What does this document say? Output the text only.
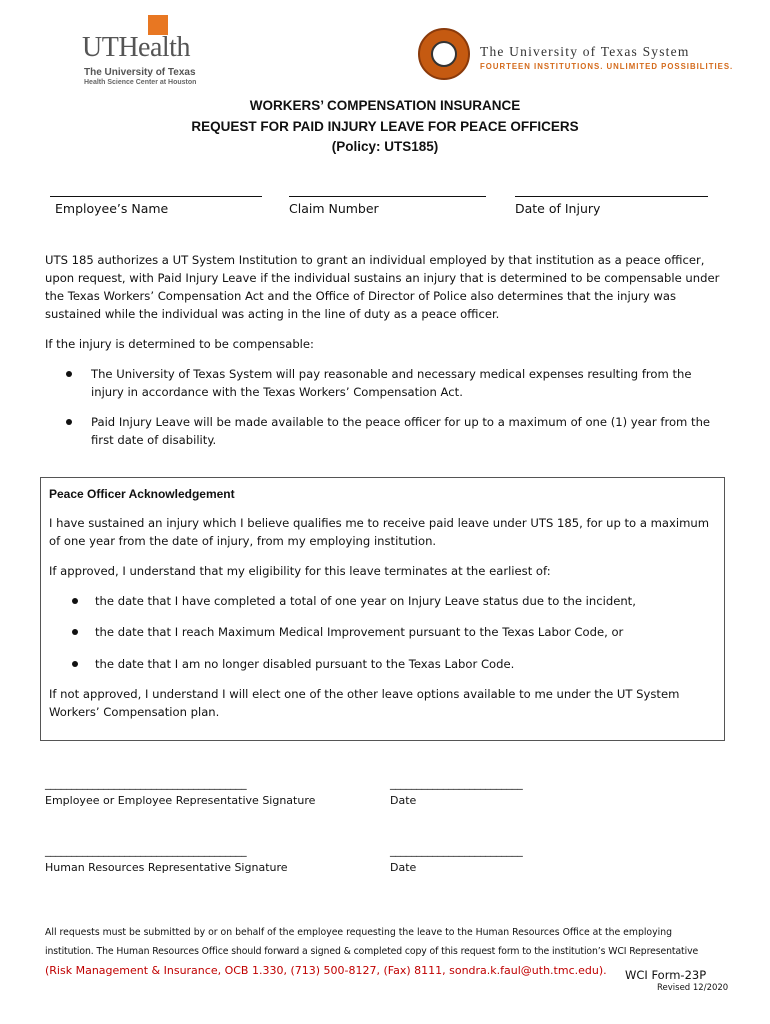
UTHealth
The University of Texas
Health Science Center at Houston
The University of Texas System
FOURTEEN INSTITUTIONS. UNLIMITED POSSIBILITIES.
WORKERS’ COMPENSATION INSURANCE
REQUEST FOR PAID INJURY LEAVE FOR PEACE OFFICERS
(Policy: UTS185)
Employee’s Name	Claim Number	Date of Injury
UTS 185 authorizes a UT System Institution to grant an individual employed by that institution as a peace officer, upon request, with Paid Injury Leave if the individual sustains an injury that is determined to be compensable under the Texas Workers’ Compensation Act and the Office of Director of Police also determines that the injury was sustained while the individual was acting in the line of duty as a peace officer.
If the injury is determined to be compensable:
The University of Texas System will pay reasonable and necessary medical expenses resulting from the injury in accordance with the Texas Workers’ Compensation Act.
Paid Injury Leave will be made available to the peace officer for up to a maximum of one (1) year from the first date of disability.
Peace Officer Acknowledgement
I have sustained an injury which I believe qualifies me to receive paid leave under UTS 185, for up to a maximum of one year from the date of injury, from my employing institution.
If approved, I understand that my eligibility for this leave terminates at the earliest of:
the date that I have completed a total of one year on Injury Leave status due to the incident,
the date that I reach Maximum Medical Improvement pursuant to the Texas Labor Code, or
the date that I am no longer disabled pursuant to the Texas Labor Code.
If not approved, I understand I will elect one of the other leave options available to me under the UT System Workers’ Compensation plan.
______________________________________	_________________________
Employee or Employee Representative Signature	Date
______________________________________	_________________________
Human Resources Representative Signature	Date
All requests must be submitted by or on behalf of the employee requesting the leave to the Human Resources Office at the employing
institution. The Human Resources Office should forward a signed & completed copy of this request form to the institution’s WCI Representative
(Risk Management & Insurance, OCB 1.330, (713) 500-8127, (Fax) 8111, sondra.k.faul@uth.tmc.edu). WCI Form-23P
Revised 12/2020
